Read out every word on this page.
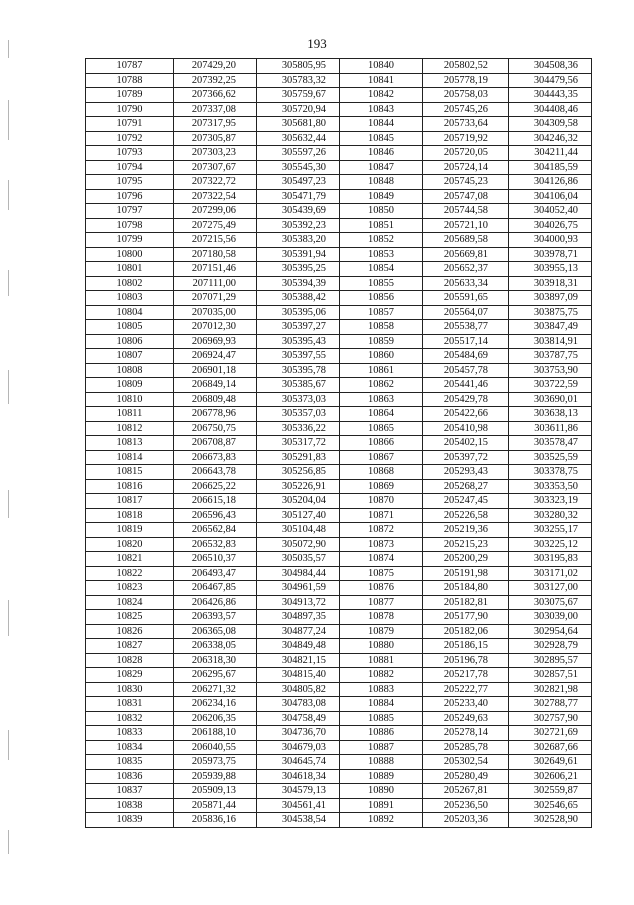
193
10787	207429,20	305805,95	10840	205802,52	304508,36
10788	207392,25	305783,32	10841	205778,19	304479,56
10789	207366,62	305759,67	10842	205758,03	304443,35
10790	207337,08	305720,94	10843	205745,26	304408,46
10791	207317,95	305681,80	10844	205733,64	304309,58
10792	207305,87	305632,44	10845	205719,92	304246,32
10793	207303,23	305597,26	10846	205720,05	304211,44
10794	207307,67	305545,30	10847	205724,14	304185,59
10795	207322,72	305497,23	10848	205745,23	304126,86
10796	207322,54	305471,79	10849	205747,08	304106,04
10797	207299,06	305439,69	10850	205744,58	304052,40
10798	207275,49	305392,23	10851	205721,10	304026,75
10799	207215,56	305383,20	10852	205689,58	304000,93
10800	207180,58	305391,94	10853	205669,81	303978,71
10801	207151,46	305395,25	10854	205652,37	303955,13
10802	207111,00	305394,39	10855	205633,34	303918,31
10803	207071,29	305388,42	10856	205591,65	303897,09
10804	207035,00	305395,06	10857	205564,07	303875,75
10805	207012,30	305397,27	10858	205538,77	303847,49
10806	206969,93	305395,43	10859	205517,14	303814,91
10807	206924,47	305397,55	10860	205484,69	303787,75
10808	206901,18	305395,78	10861	205457,78	303753,90
10809	206849,14	305385,67	10862	205441,46	303722,59
10810	206809,48	305373,03	10863	205429,78	303690,01
10811	206778,96	305357,03	10864	205422,66	303638,13
10812	206750,75	305336,22	10865	205410,98	303611,86
10813	206708,87	305317,72	10866	205402,15	303578,47
10814	206673,83	305291,83	10867	205397,72	303525,59
10815	206643,78	305256,85	10868	205293,43	303378,75
10816	206625,22	305226,91	10869	205268,27	303353,50
10817	206615,18	305204,04	10870	205247,45	303323,19
10818	206596,43	305127,40	10871	205226,58	303280,32
10819	206562,84	305104,48	10872	205219,36	303255,17
10820	206532,83	305072,90	10873	205215,23	303225,12
10821	206510,37	305035,57	10874	205200,29	303195,83
10822	206493,47	304984,44	10875	205191,98	303171,02
10823	206467,85	304961,59	10876	205184,80	303127,00
10824	206426,86	304913,72	10877	205182,81	303075,67
10825	206393,57	304897,35	10878	205177,90	303039,00
10826	206365,08	304877,24	10879	205182,06	302954,64
10827	206338,05	304849,48	10880	205186,15	302928,79
10828	206318,30	304821,15	10881	205196,78	302895,57
10829	206295,67	304815,40	10882	205217,78	302857,51
10830	206271,32	304805,82	10883	205222,77	302821,98
10831	206234,16	304783,08	10884	205233,40	302788,77
10832	206206,35	304758,49	10885	205249,63	302757,90
10833	206188,10	304736,70	10886	205278,14	302721,69
10834	206040,55	304679,03	10887	205285,78	302687,66
10835	205973,75	304645,74	10888	205302,54	302649,61
10836	205939,88	304618,34	10889	205280,49	302606,21
10837	205909,13	304579,13	10890	205267,81	302559,87
10838	205871,44	304561,41	10891	205236,50	302546,65
10839	205836,16	304538,54	10892	205203,36	302528,90
